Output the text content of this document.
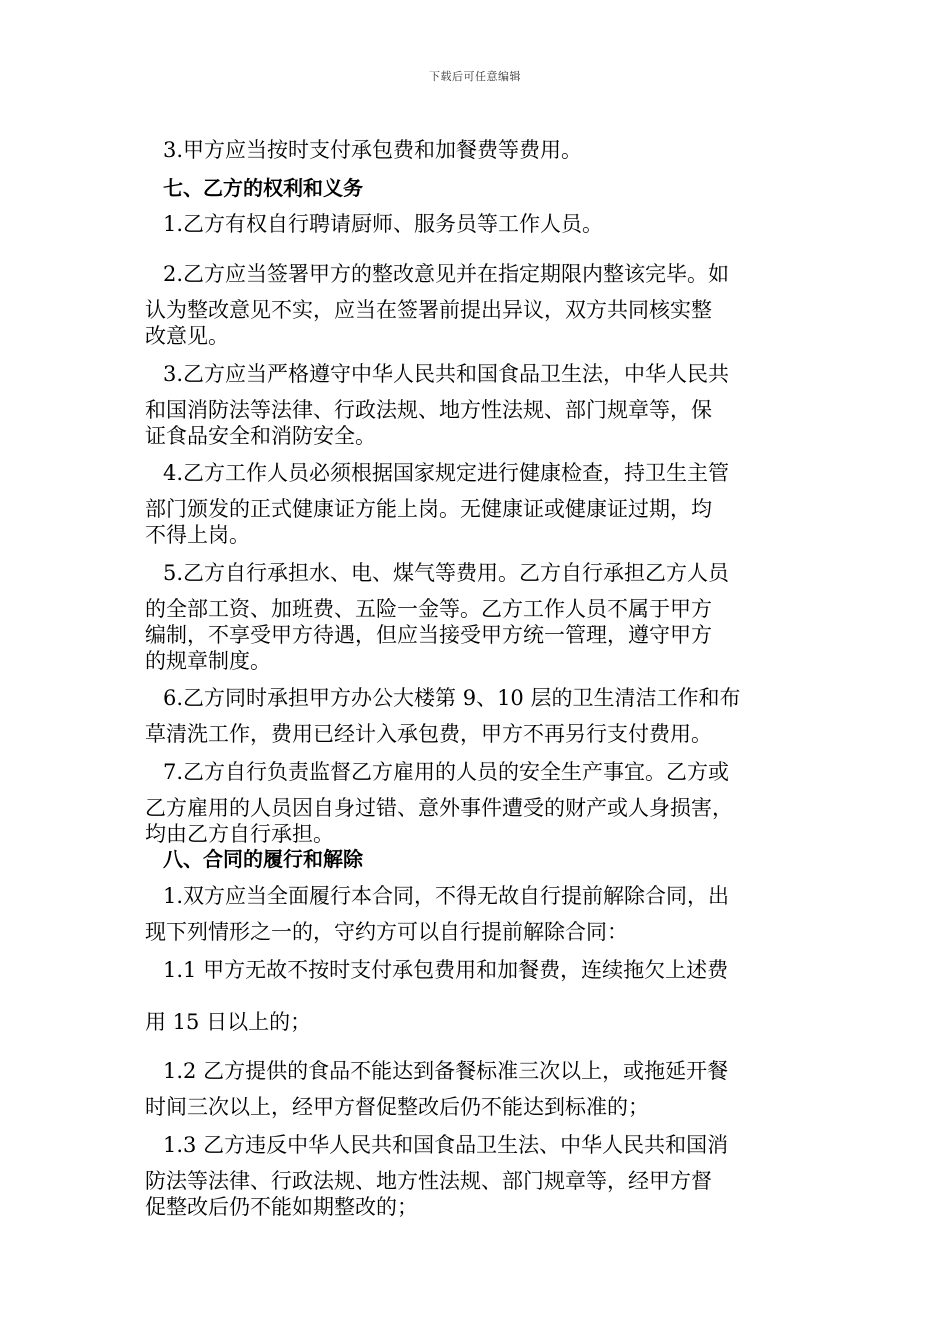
下载后可任意编辑
3.甲方应当按时支付承包费和加餐费等费用。
七、乙方的权利和义务
1.乙方有权自行聘请厨师、服务员等工作人员。
2.乙方应当签署甲方的整改意见并在指定期限内整该完毕。如
认为整改意见不实，应当在签署前提出异议，双方共同核实整
改意见。
3.乙方应当严格遵守中华人民共和国食品卫生法，中华人民共
和国消防法等法律、行政法规、地方性法规、部门规章等，保
证食品安全和消防安全。
4.乙方工作人员必须根据国家规定进行健康检查，持卫生主管
部门颁发的正式健康证方能上岗。无健康证或健康证过期，均
不得上岗。
5.乙方自行承担水、电、煤气等费用。乙方自行承担乙方人员
的全部工资、加班费、五险一金等。乙方工作人员不属于甲方
编制，不享受甲方待遇，但应当接受甲方统一管理，遵守甲方
的规章制度。
6.乙方同时承担甲方办公大楼第 9、10 层的卫生清洁工作和布
草清洗工作，费用已经计入承包费，甲方不再另行支付费用。
7.乙方自行负责监督乙方雇用的人员的安全生产事宜。乙方或
乙方雇用的人员因自身过错、意外事件遭受的财产或人身损害，
均由乙方自行承担。
八、合同的履行和解除
1.双方应当全面履行本合同，不得无故自行提前解除合同，出
现下列情形之一的，守约方可以自行提前解除合同：
1.1 甲方无故不按时支付承包费用和加餐费，连续拖欠上述费
用 15 日以上的；
1.2 乙方提供的食品不能达到备餐标准三次以上，或拖延开餐
时间三次以上，经甲方督促整改后仍不能达到标准的；
1.3 乙方违反中华人民共和国食品卫生法、中华人民共和国消
防法等法律、行政法规、地方性法规、部门规章等，经甲方督
促整改后仍不能如期整改的；
